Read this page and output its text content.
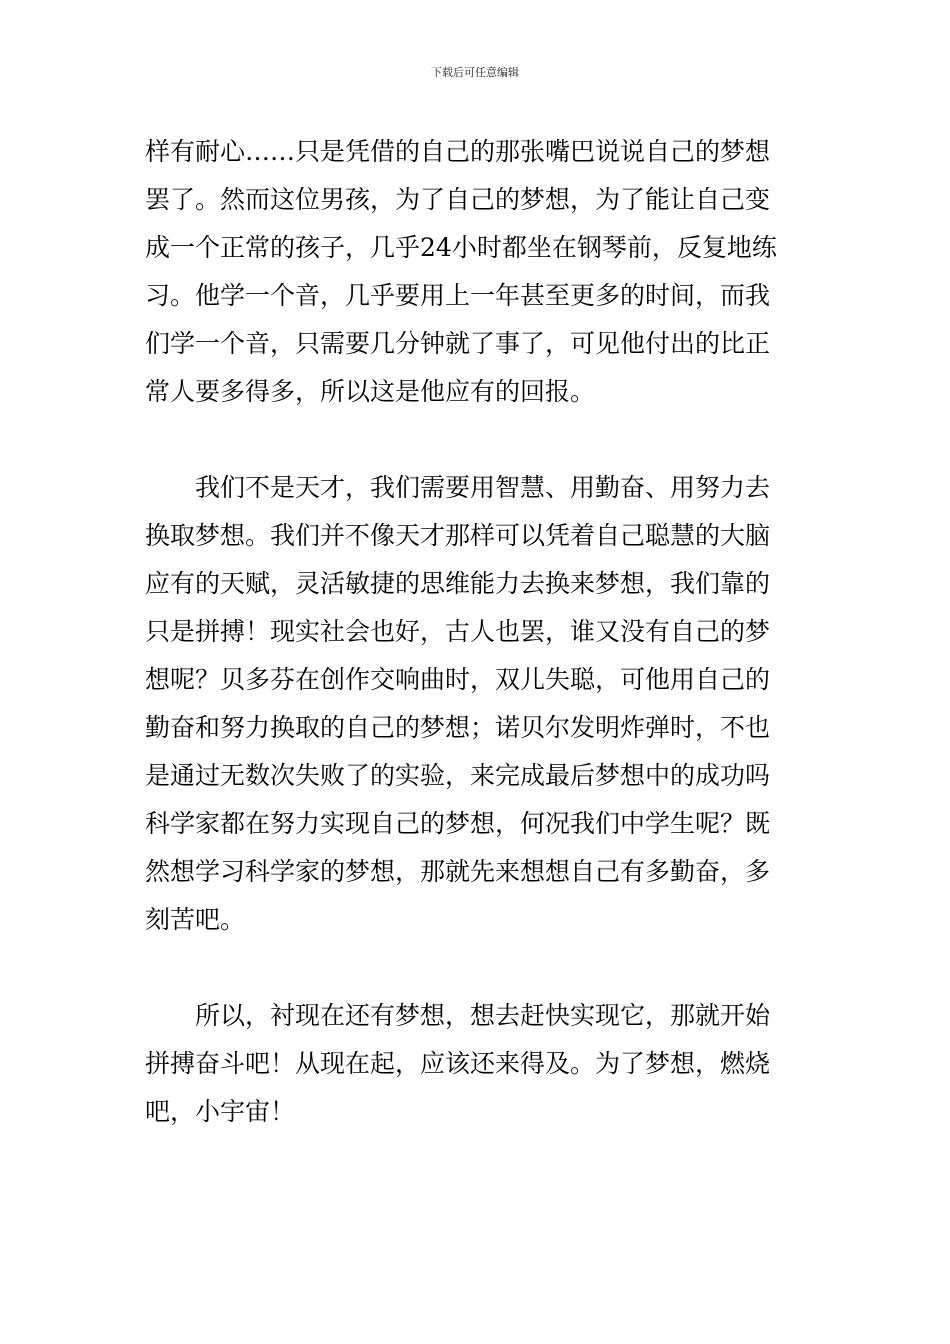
下载后可任意编辑
样有耐心……只是凭借的自己的那张嘴巴说说自己的梦想
罢了。然而这位男孩，为了自己的梦想，为了能让自己变
成一个正常的孩子，几乎24小时都坐在钢琴前，反复地练
习。他学一个音，几乎要用上一年甚至更多的时间，而我
们学一个音，只需要几分钟就了事了，可见他付出的比正
常人要多得多，所以这是他应有的回报。
　　我们不是天才，我们需要用智慧、用勤奋、用努力去
换取梦想。我们并不像天才那样可以凭着自己聪慧的大脑
应有的天赋，灵活敏捷的思维能力去换来梦想，我们靠的
只是拼搏！现实社会也好，古人也罢，谁又没有自己的梦
想呢？贝多芬在创作交响曲时，双儿失聪，可他用自己的
勤奋和努力换取的自己的梦想；诺贝尔发明炸弹时，不也
是通过无数次失败了的实验，来完成最后梦想中的成功吗
科学家都在努力实现自己的梦想，何况我们中学生呢？既
然想学习科学家的梦想，那就先来想想自己有多勤奋，多
刻苦吧。
　　所以，衬现在还有梦想，想去赶快实现它，那就开始
拼搏奋斗吧！从现在起，应该还来得及。为了梦想，燃烧
吧，小宇宙！
